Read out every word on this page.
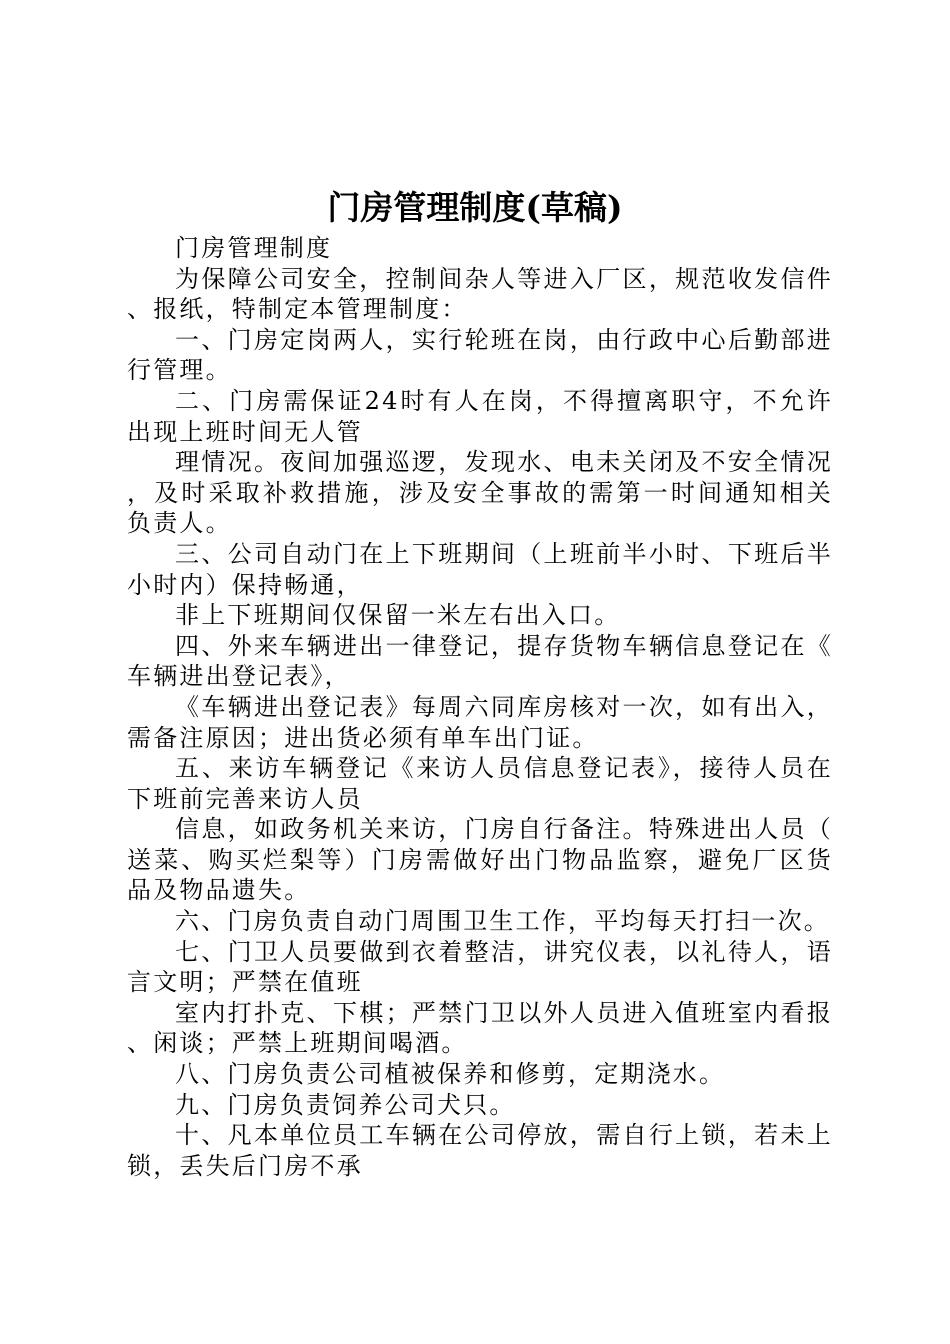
门房管理制度(草稿)

门房管理制度

为保障公司安全，控制间杂人等进入厂区，规范收发信件、报纸，特制定本管理制度：

一、门房定岗两人，实行轮班在岗，由行政中心后勤部进行管理。

二、门房需保证24时有人在岗，不得擅离职守，不允许出现上班时间无人管

理情况。夜间加强巡逻，发现水、电未关闭及不安全情况，及时采取补救措施，涉及安全事故的需第一时间通知相关负责人。

三、公司自动门在上下班期间（上班前半小时、下班后半小时内）保持畅通，

非上下班期间仅保留一米左右出入口。

四、外来车辆进出一律登记，提存货物车辆信息登记在《车辆进出登记表》，

《车辆进出登记表》每周六同库房核对一次，如有出入，需备注原因；进出货必须有单车出门证。

五、来访车辆登记《来访人员信息登记表》，接待人员在下班前完善来访人员

信息，如政务机关来访，门房自行备注。特殊进出人员（送菜、购买烂梨等）门房需做好出门物品监察，避免厂区货品及物品遗失。

六、门房负责自动门周围卫生工作，平均每天打扫一次。

七、门卫人员要做到衣着整洁，讲究仪表，以礼待人，语言文明；严禁在值班

室内打扑克、下棋；严禁门卫以外人员进入值班室内看报、闲谈；严禁上班期间喝酒。

八、门房负责公司植被保养和修剪，定期浇水。

九、门房负责饲养公司犬只。

十、凡本单位员工车辆在公司停放，需自行上锁，若未上锁，丢失后门房不承
